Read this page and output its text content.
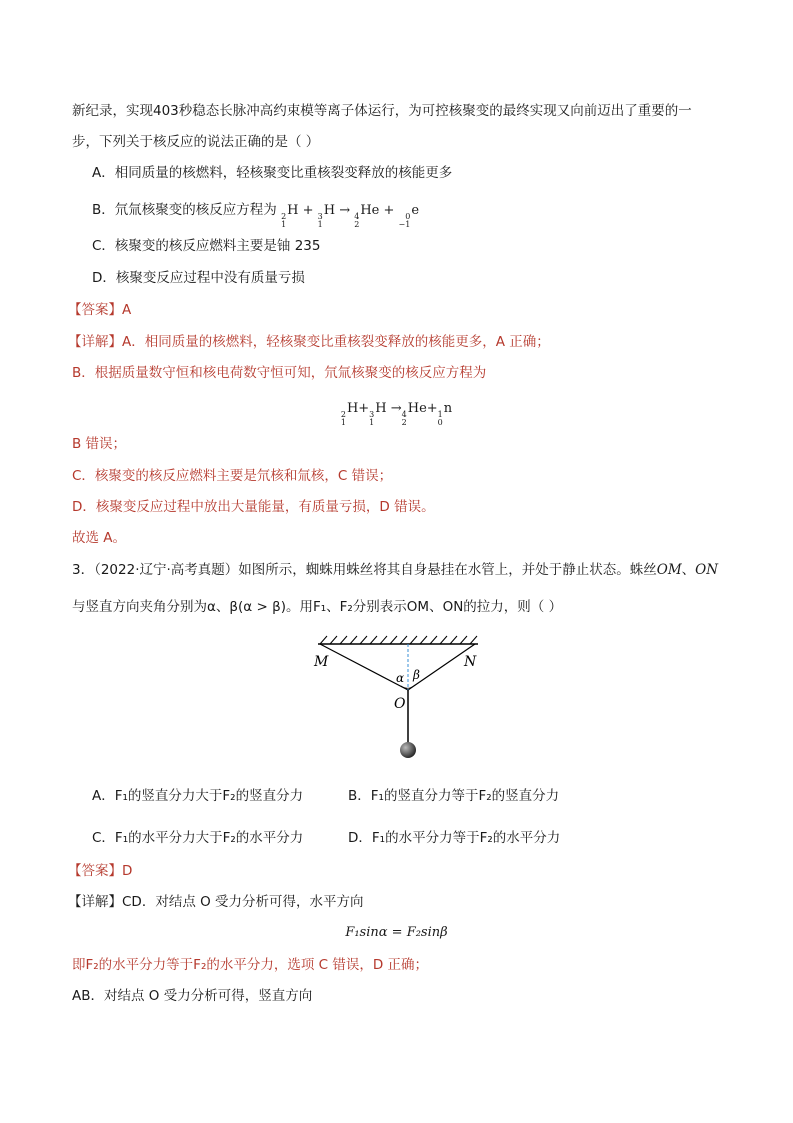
新纪录，实现403秒稳态长脉冲高约束模等离子体运行，为可控核聚变的最终实现又向前迈出了重要的一
步，下列关于核反应的说法正确的是（ ）
A．相同质量的核燃料，轻核聚变比重核裂变释放的核能更多
B．氘氚核聚变的核反应方程为 2
1
H + 3
1
H → 4
2
He + 0
−1
e
C．核聚变的核反应燃料主要是铀 235
D．核聚变反应过程中没有质量亏损
【答案】A
【详解】A．相同质量的核燃料，轻核聚变比重核裂变释放的核能更多，A 正确；
B．根据质量数守恒和核电荷数守恒可知，氘氚核聚变的核反应方程为
2
1
H+ 3
1
H → 4
2
He+ 1
0
n
B 错误；
C．核聚变的核反应燃料主要是氘核和氚核，C 错误；
D．核聚变反应过程中放出大量能量，有质量亏损，D 错误。
故选 A。
3．（2022·辽宁·高考真题）如图所示，蜘蛛用蛛丝将其自身悬挂在水管上，并处于静止状态。蛛丝OM、ON
与竖直方向夹角分别为α、β(α > β)。用F₁、F₂分别表示OM、ON的拉力，则（ ）
M	N
O
α β
A．F₁的竖直分力大于F₂的竖直分力	B．F₁的竖直分力等于F₂的竖直分力
C．F₁的水平分力大于F₂的水平分力	D．F₁的水平分力等于F₂的水平分力
【答案】D
【详解】CD．对结点 O 受力分析可得，水平方向
F₁sinα = F₂sinβ
即F₂的水平分力等于F₂的水平分力，选项 C 错误，D 正确；
AB．对结点 O 受力分析可得，竖直方向
